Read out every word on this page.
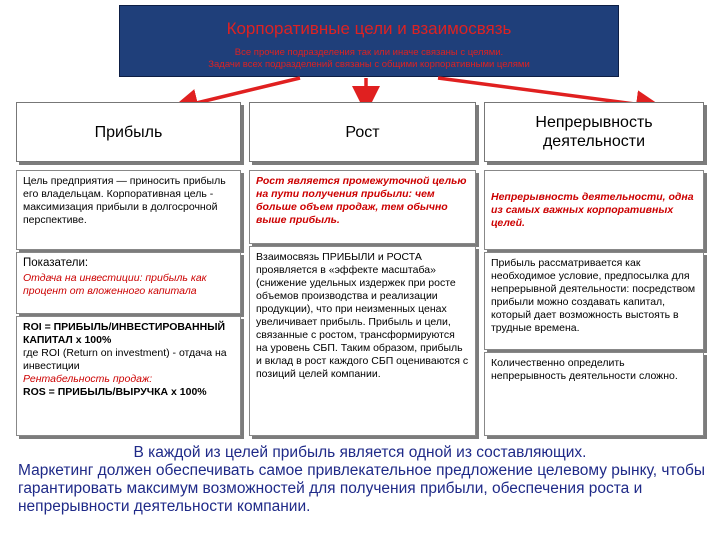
Корпоративные цели и взаимосвязь
Все прочие подразделения так или иначе связаны с целями.
Задачи всех подразделений связаны с общими корпоративными целями
Прибыль	Рост
Непрерывность деятельности
Цель предприятия — приносить прибыль его владельцам. Корпоративная цель - максимизация прибыли в долгосрочной перспективе.
Показатели:
Отдача на инвестиции: прибыль как процент от вложенного капитала
ROI = ПРИБЫЛЬ/ИНВЕСТИРОВАННЫЙ КАПИТАЛ х 100%
где ROI (Return on investment) - отдача на инвестиции
Рентабельность продаж:
ROS = ПРИБЫЛЬ/ВЫРУЧКА х 100%
Рост является промежуточной целью на пути получения прибыли: чем больше объем продаж, тем обычно выше прибыль.
Взаимосвязь ПРИБЫЛИ и РОСТА проявляется в «эффекте масштаба» (снижение удельных издержек при росте объемов производства и реализации продукции), что при неизменных ценах увеличивает прибыль. Прибыль и цели, связанные с ростом, трансформируются на уровень СБП. Таким образом, прибыль и вклад в рост каждого СБП оцениваются с позиций целей компании.
Непрерывность деятельности, одна из самых важных корпоративных целей.
Прибыль рассматривается как необходимое условие, предпосылка для непрерывной деятельности: посредством прибыли можно создавать капитал, который дает возможность выстоять в трудные времена.
Количественно определить непрерывность деятельности сложно.
В каждой из целей прибыль является одной из составляющих.
Маркетинг должен обеспечивать самое привлекательное предложение целевому рынку, чтобы гарантировать максимум возможностей для получения прибыли, обеспечения роста и непрерывности деятельности компании.
